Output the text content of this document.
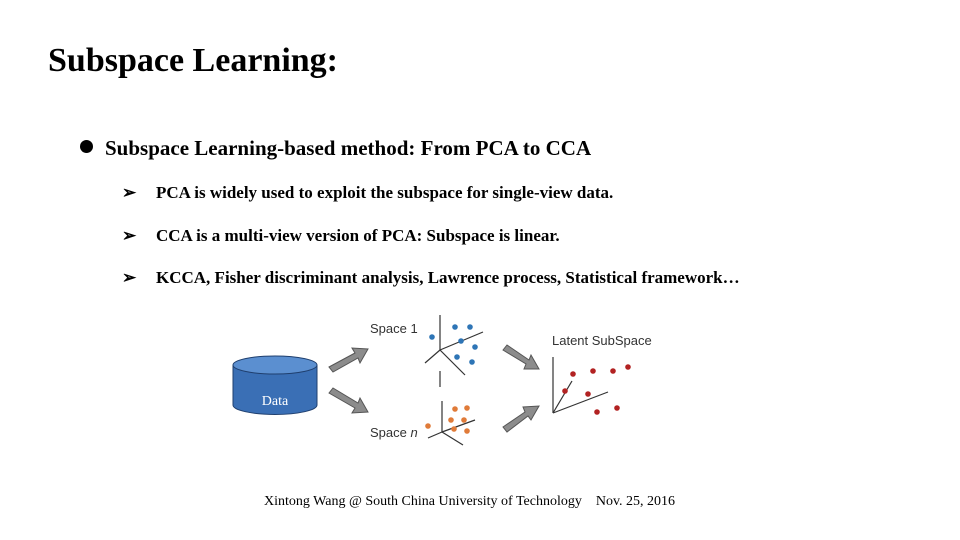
Subspace Learning:
Subspace Learning-based method: From PCA to CCA
➢ PCA is widely used to exploit the subspace for single-view data.
➢ CCA is a multi-view version of PCA: Subspace is linear.
➢ KCCA, Fisher discriminant analysis, Lawrence process, Statistical framework…
Data
Space 1
Space n
Latent SubSpace
Xintong Wang @ South China University of Technology Nov. 25, 2016
